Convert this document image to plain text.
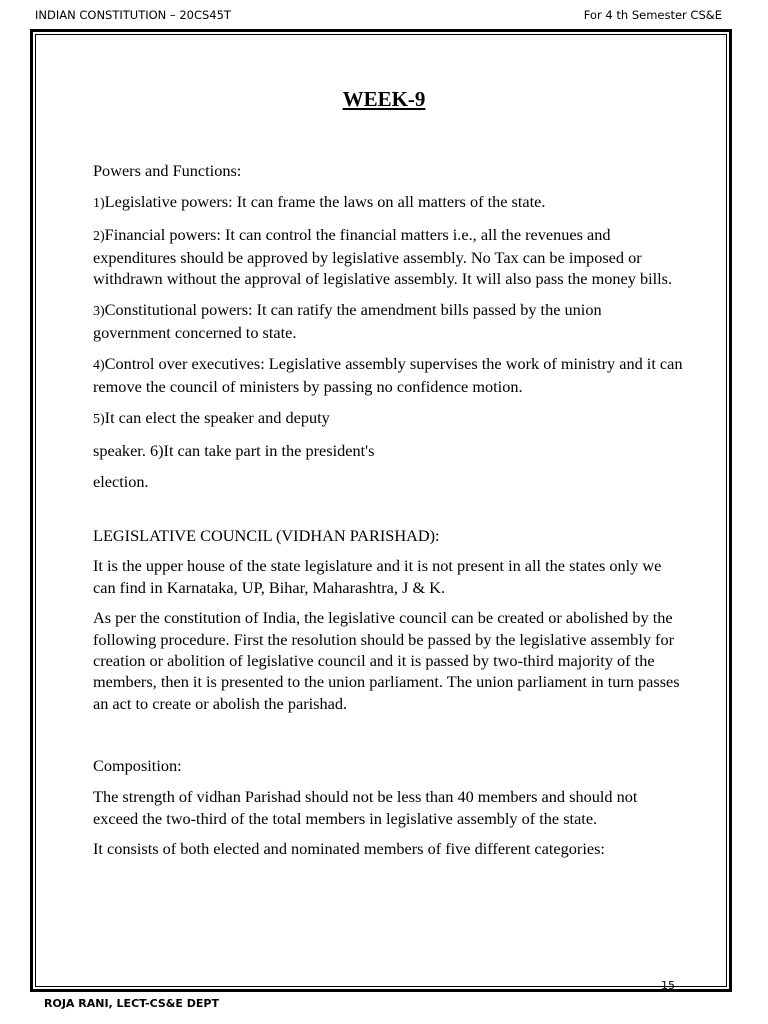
INDIAN CONSTITUTION – 20CS45T	For 4 th Semester CS&E
WEEK-9

Powers and Functions:

1)Legislative powers: It can frame the laws on all matters of the state.

2)Financial powers: It can control the financial matters i.e., all the revenues and expenditures should be approved by legislative assembly. No Tax can be imposed or withdrawn without the approval of legislative assembly. It will also pass the money bills.

3)Constitutional powers: It can ratify the amendment bills passed by the union government concerned to state.

4)Control over executives: Legislative assembly supervises the work of ministry and it can remove the council of ministers by passing no confidence motion.

5)It can elect the speaker and deputy

speaker. 6)It can take part in the president's

election.

LEGISLATIVE COUNCIL (VIDHAN PARISHAD):

It is the upper house of the state legislature and it is not present in all the states only we can find in Karnataka, UP, Bihar, Maharashtra, J & K.

As per the constitution of India, the legislative council can be created or abolished by the following procedure. First the resolution should be passed by the legislative assembly for creation or abolition of legislative council and it is passed by two-third majority of the members, then it is presented to the union parliament. The union parliament in turn passes an act to create or abolish the parishad.

Composition:

The strength of vidhan Parishad should not be less than 40 members and should not exceed the two-third of the total members in legislative assembly of the state.

It consists of both elected and nominated members of five different categories:

15
ROJA RANI, LECT-CS&E DEPT
